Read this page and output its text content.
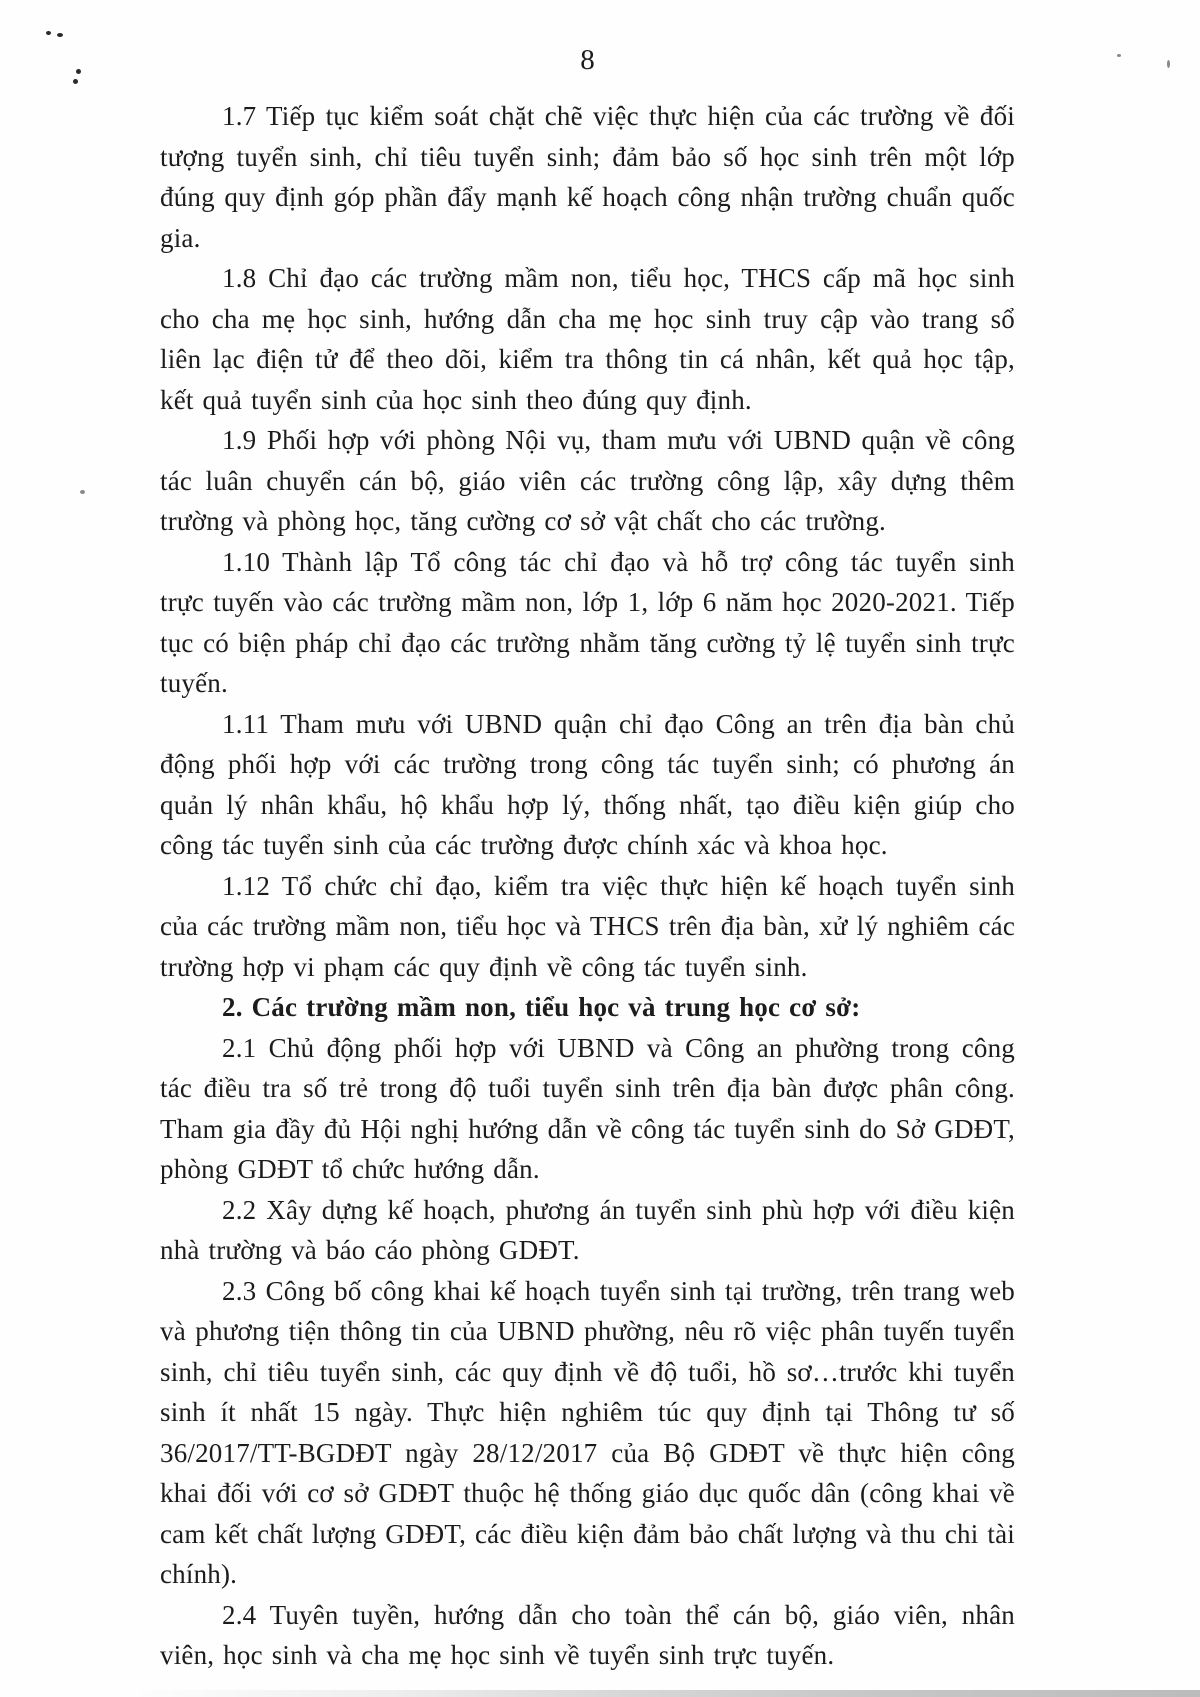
8

1.7 Tiếp tục kiểm soát chặt chẽ việc thực hiện của các trường về đối tượng tuyển sinh, chỉ tiêu tuyển sinh; đảm bảo số học sinh trên một lớp đúng quy định góp phần đẩy mạnh kế hoạch công nhận trường chuẩn quốc gia.

1.8 Chỉ đạo các trường mầm non, tiểu học, THCS cấp mã học sinh cho cha mẹ học sinh, hướng dẫn cha mẹ học sinh truy cập vào trang sổ liên lạc điện tử để theo dõi, kiểm tra thông tin cá nhân, kết quả học tập, kết quả tuyển sinh của học sinh theo đúng quy định.

1.9 Phối hợp với phòng Nội vụ, tham mưu với UBND quận về công tác luân chuyển cán bộ, giáo viên các trường công lập, xây dựng thêm trường và phòng học, tăng cường cơ sở vật chất cho các trường.

1.10 Thành lập Tổ công tác chỉ đạo và hỗ trợ công tác tuyển sinh trực tuyến vào các trường mầm non, lớp 1, lớp 6 năm học 2020-2021. Tiếp tục có biện pháp chỉ đạo các trường nhằm tăng cường tỷ lệ tuyển sinh trực tuyến.

1.11 Tham mưu với UBND quận chỉ đạo Công an trên địa bàn chủ động phối hợp với các trường trong công tác tuyển sinh; có phương án quản lý nhân khẩu, hộ khẩu hợp lý, thống nhất, tạo điều kiện giúp cho công tác tuyển sinh của các trường được chính xác và khoa học.

1.12 Tổ chức chỉ đạo, kiểm tra việc thực hiện kế hoạch tuyển sinh của các trường mầm non, tiểu học và THCS trên địa bàn, xử lý nghiêm các trường hợp vi phạm các quy định về công tác tuyển sinh.

2. Các trường mầm non, tiểu học và trung học cơ sở:

2.1 Chủ động phối hợp với UBND và Công an phường trong công tác điều tra số trẻ trong độ tuổi tuyển sinh trên địa bàn được phân công. Tham gia đầy đủ Hội nghị hướng dẫn về công tác tuyển sinh do Sở GDĐT, phòng GDĐT tổ chức hướng dẫn.

2.2 Xây dựng kế hoạch, phương án tuyển sinh phù hợp với điều kiện nhà trường và báo cáo phòng GDĐT.

2.3 Công bố công khai kế hoạch tuyển sinh tại trường, trên trang web và phương tiện thông tin của UBND phường, nêu rõ việc phân tuyến tuyển sinh, chỉ tiêu tuyển sinh, các quy định về độ tuổi, hồ sơ…trước khi tuyển sinh ít nhất 15 ngày. Thực hiện nghiêm túc quy định tại Thông tư số 36/2017/TT-BGDĐT ngày 28/12/2017 của Bộ GDĐT về thực hiện công khai đối với cơ sở GDĐT thuộc hệ thống giáo dục quốc dân (công khai về cam kết chất lượng GDĐT, các điều kiện đảm bảo chất lượng và thu chi tài chính).

2.4 Tuyên tuyền, hướng dẫn cho toàn thể cán bộ, giáo viên, nhân viên, học sinh và cha mẹ học sinh về tuyển sinh trực tuyến.
